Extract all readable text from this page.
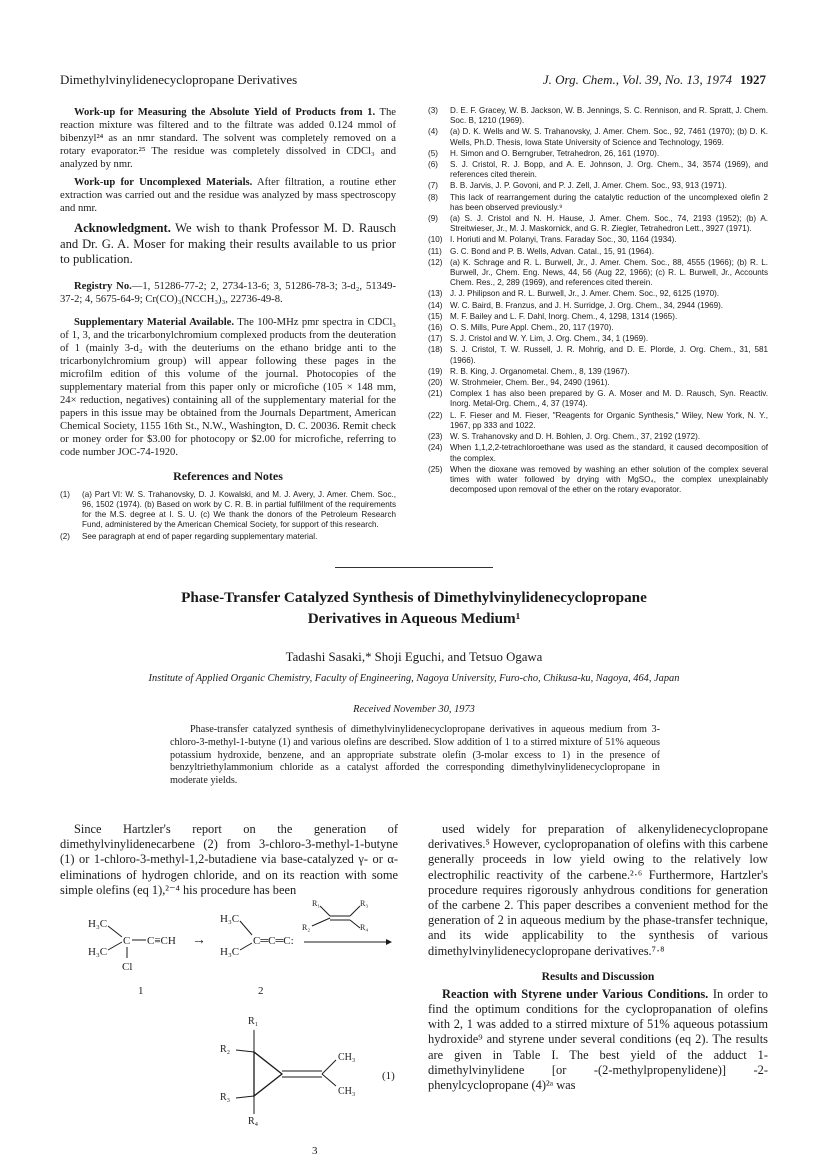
Dimethylvinylidenecyclopropane Derivatives	J. Org. Chem., Vol. 39, No. 13, 1974 1927

Work-up for Measuring the Absolute Yield of Products from 1. The reaction mixture was filtered and to the filtrate was added 0.124 mmol of bibenzyl²⁴ as an nmr standard. The solvent was completely removed on a rotary evaporator.²⁵ The residue was completely dissolved in CDCl₃ and analyzed by nmr.

Work-up for Uncomplexed Materials. After filtration, a routine ether extraction was carried out and the residue was analyzed by mass spectroscopy and nmr.

Acknowledgment. We wish to thank Professor M. D. Rausch and Dr. G. A. Moser for making their results available to us prior to publication.

Registry No.—1, 51286-77-2; 2, 2734-13-6; 3, 51286-78-3; 3-d₂, 51349-37-2; 4, 5675-64-9; Cr(CO)₃(NCCH₃)₃, 22736-49-8.

Supplementary Material Available. The 100-MHz pmr spectra in CDCl₃ of 1, 3, and the tricarbonylchromium complexed products from the deuteration of 1 (mainly 3-d₂ with the deuteriums on the ethano bridge anti to the tricarbonylchromium group) will appear following these pages in the microfilm edition of this volume of the journal. Photocopies of the supplementary material from this paper only or microfiche (105 × 148 mm, 24× reduction, negatives) containing all of the supplementary material for the papers in this issue may be obtained from the Journals Department, American Chemical Society, 1155 16th St., N.W., Washington, D. C. 20036. Remit check or money order for $3.00 for photocopy or $2.00 for microfiche, referring to code number JOC-74-1920.

References and Notes
(1)	(a) Part VI: W. S. Trahanovsky, D. J. Kowalski, and M. J. Avery, J. Amer. Chem. Soc., 96, 1502 (1974). (b) Based on work by C. R. B. in partial fulfillment of the requirements for the M.S. degree at I. S. U. (c) We thank the donors of the Petroleum Research Fund, administered by the American Chemical Society, for support of this research.
(2)	See paragraph at end of paper regarding supplementary material.
(3)	D. E. F. Gracey, W. B. Jackson, W. B. Jennings, S. C. Rennison, and R. Spratt, J. Chem. Soc. B, 1210 (1969).
(4)	(a) D. K. Wells and W. S. Trahanovsky, J. Amer. Chem. Soc., 92, 7461 (1970); (b) D. K. Wells, Ph.D. Thesis, Iowa State University of Science and Technology, 1969.
(5)	H. Simon and O. Berngruber, Tetrahedron, 26, 161 (1970).
(6)	S. J. Cristol, R. J. Bopp, and A. E. Johnson, J. Org. Chem., 34, 3574 (1969), and references cited therein.
(7)	B. B. Jarvis, J. P. Govoni, and P. J. Zell, J. Amer. Chem. Soc., 93, 913 (1971).
(8)	This lack of rearrangement during the catalytic reduction of the uncomplexed olefin 2 has been observed previously.⁹
(9)	(a) S. J. Cristol and N. H. Hause, J. Amer. Chem. Soc., 74, 2193 (1952); (b) A. Streitwieser, Jr., M. J. Maskornick, and G. R. Ziegler, Tetrahedron Lett., 3927 (1971).
(10) I. Horiuti and M. Polanyi, Trans. Faraday Soc., 30, 1164 (1934).
(11)	G. C. Bond and P. B. Wells, Advan. Catal., 15, 91 (1964).
(12) (a) K. Schrage and R. L. Burwell, Jr., J. Amer. Chem. Soc., 88, 4555 (1966); (b) R. L. Burwell, Jr., Chem. Eng. News, 44, 56 (Aug 22, 1966); (c) R. L. Burwell, Jr., Accounts Chem. Res., 2, 289 (1969), and references cited therein.
(13) J. J. Philipson and R. L. Burwell, Jr., J. Amer. Chem. Soc., 92, 6125 (1970).
(14) W. C. Baird, B. Franzus, and J. H. Surridge, J. Org. Chem., 34, 2944 (1969).
(15) M. F. Bailey and L. F. Dahl, Inorg. Chem., 4, 1298, 1314 (1965).
(16) O. S. Mills, Pure Appl. Chem., 20, 117 (1970).
(17) S. J. Cristol and W. Y. Lim, J. Org. Chem., 34, 1 (1969).
(18) S. J. Cristol, T. W. Russell, J. R. Mohrig, and D. E. Plorde, J. Org. Chem., 31, 581 (1966).
(19) R. B. King, J. Organometal. Chem., 8, 139 (1967).
(20) W. Strohmeier, Chem. Ber., 94, 2490 (1961).
(21) Complex 1 has also been prepared by G. A. Moser and M. D. Rausch, Syn. Reactiv. Inorg. Metal-Org. Chem., 4, 37 (1974).
(22) L. F. Fieser and M. Fieser, "Reagents for Organic Synthesis," Wiley, New York, N. Y., 1967, pp 333 and 1022.
(23) W. S. Trahanovsky and D. H. Bohlen, J. Org. Chem., 37, 2192 (1972).
(24) When 1,1,2,2-tetrachloroethane was used as the standard, it caused decomposition of the complex.
(25) When the dioxane was removed by washing an ether solution of the complex several times with water followed by drying with MgSO₄, the complex unexplainably decomposed upon removal of the ether on the rotary evaporator.
Phase-Transfer Catalyzed Synthesis of Dimethylvinylidenecyclopropane
Derivatives in Aqueous Medium¹
Tadashi Sasaki,* Shoji Eguchi, and Tetsuo Ogawa
Institute of Applied Organic Chemistry, Faculty of Engineering, Nagoya University, Furo-cho, Chikusa-ku, Nagoya, 464, Japan
Received November 30, 1973

Phase-transfer catalyzed synthesis of dimethylvinylidenecyclopropane derivatives in aqueous medium from 3-chloro-3-methyl-1-butyne (1) and various olefins are described. Slow addition of 1 to a stirred mixture of 51% aqueous potassium hydroxide, benzene, and an appropriate substrate olefin (3-molar excess to 1) in the presence of benzyltriethylammonium chloride as a catalyst afforded the corresponding dimethylvinylidenecyclopropane in moderate yields.

Since Hartzler's report on the generation of dimethylvinylidenecarbene (2) from 3-chloro-3-methyl-1-butyne (1) or 1-chloro-3-methyl-1,2-butadiene via base-catalyzed γ- or α-eliminations of hydrogen chloride, and on its reaction with some simple olefins (eq 1),²⁻⁴ his procedure has been

used widely for preparation of alkenylidenecyclopropane derivatives.⁵ However, cyclopropanation of olefins with this carbene generally proceeds in low yield owing to the relatively low electrophilic reactivity of the carbene.²·⁶ Furthermore, Hartzler's procedure requires rigorously anhydrous conditions for generation of the carbene 2. This paper describes a convenient method for the generation of 2 in aqueous medium by the phase-transfer technique, and its wide applicability to the synthesis of various dimethylvinylidenecyclopropane derivatives.⁷·⁸

Results and Discussion

Reaction with Styrene under Various Conditions. In order to find the optimum conditions for the cyclopropanation of olefins with 2, 1 was added to a stirred mixture of 51% aqueous potassium hydroxide⁹ and styrene under several conditions (eq 2). The results are given in Table I. The best yield of the adduct 1-dimethylvinylidene [or -(2-methylpropenylidene)] -2-phenylcyclopropane (4)²ᵃ was

H₃C
H₃C
C C≡CH
Cl
1
→
H₃C
H₃C
C═C═C:
2
R₁	R₃
R₂	R₄
R₁
R₂
R₃
R₄
CH₃
CH₃
(1)
3
